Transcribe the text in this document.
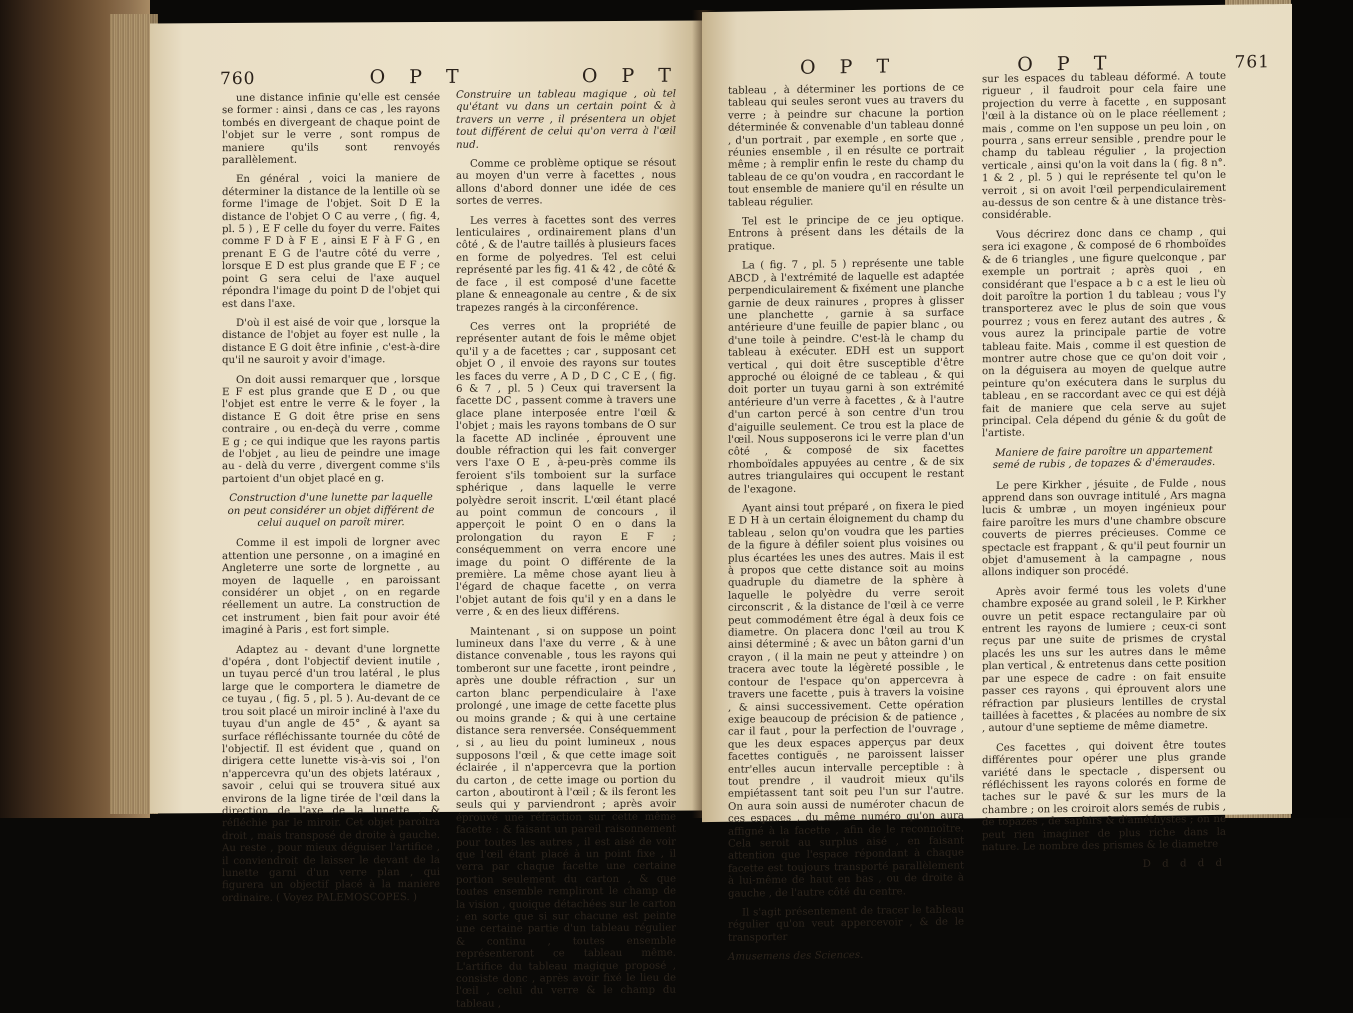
760	O P T	O P T

une distance infinie qu'elle est censée se former : ainsi , dans ce cas , les rayons tombés en divergeant de chaque point de l'objet sur le verre , sont rompus de maniere qu'ils sont renvoyés parallèlement.

En général , voici la maniere de déterminer la distance de la lentille où se forme l'image de l'objet. Soit D E la distance de l'objet O C au verre , ( fig. 4, pl. 5 ) , E F celle du foyer du verre. Faites comme F D à F E , ainsi E F à F G , en prenant E G de l'autre côté du verre , lorsque E D est plus grande que E F ; ce point G sera celui de l'axe auquel répondra l'image du point D de l'objet qui est dans l'axe.

D'où il est aisé de voir que , lorsque la distance de l'objet au foyer est nulle , la distance E G doit être infinie , c'est-à-dire qu'il ne sauroit y avoir d'image.

On doit aussi remarquer que , lorsque E F est plus grande que E D , ou que l'objet est entre le verre & le foyer , la distance E G doit être prise en sens contraire , ou en-deçà du verre , comme E g ; ce qui indique que les rayons partis de l'objet , au lieu de peindre une image au - delà du verre , divergent comme s'ils partoient d'un objet placé en g.

Construction d'une lunette par laquelle on peut considérer un objet différent de celui auquel on paroît mirer.

Comme il est impoli de lorgner avec attention une personne , on a imaginé en Angleterre une sorte de lorgnette , au moyen de laquelle , en paroissant considérer un objet , on en regarde réellement un autre. La construction de cet instrument , bien fait pour avoir été imaginé à Paris , est fort simple.

Adaptez au - devant d'une lorgnette d'opéra , dont l'objectif devient inutile , un tuyau percé d'un trou latéral , le plus large que le comportera le diametre de ce tuyau , ( fig. 5 , pl. 5 ). Au-devant de ce trou soit placé un miroir incliné à l'axe du tuyau d'un angle de 45° , & ayant sa surface réfléchissante tournée du côté de l'objectif. Il est évident que , quand on dirigera cette lunette vis-à-vis soi , l'on n'appercevra qu'un des objets latéraux , savoir , celui qui se trouvera situé aux environs de la ligne tirée de l'œil dans la direction de l'axe de la lunette , & réfléchie par le miroir. Cet objet paroîtra droit , mais transposé de droite à gauche. Au reste , pour mieux déguiser l'artifice , il conviendroit de laisser le devant de la lunette garni d'un verre plan , qui figurera un objectif placé à la maniere ordinaire. ( Voyez PALEMOSCOPES. )

Construire un tableau magique , où tel qu'étant vu dans un certain point & à travers un verre , il présentera un objet tout différent de celui qu'on verra à l'œil nud.

Comme ce problème optique se résout au moyen d'un verre à facettes , nous allons d'abord donner une idée de ces sortes de verres.

Les verres à facettes sont des verres lenticulaires , ordinairement plans d'un côté , & de l'autre taillés à plusieurs faces en forme de polyedres. Tel est celui représenté par les fig. 41 & 42 , de côté & de face , il est composé d'une facette plane & enneagonale au centre , & de six trapezes rangés à la circonférence.

Ces verres ont la propriété de représenter autant de fois le même objet qu'il y a de facettes ; car , supposant cet objet O , il envoie des rayons sur toutes les faces du verre , A D , D C , C E , ( fig. 6 & 7 , pl. 5 ) Ceux qui traversent la facette DC , passent comme à travers une glace plane interposée entre l'œil & l'objet ; mais les rayons tombans de O sur la facette AD inclinée , éprouvent une double réfraction qui les fait converger vers l'axe O E , à-peu-près comme ils feroient s'ils tomboient sur la surface sphérique , dans laquelle le verre polyèdre seroit inscrit. L'œil étant placé au point commun de concours , il apperçoit le point O en o dans la prolongation du rayon E F ; conséquemment on verra encore une image du point O différente de la première. La même chose ayant lieu à l'égard de chaque facette , on verra l'objet autant de fois qu'il y en a dans le verre , & en des lieux différens.

Maintenant , si on suppose un point lumineux dans l'axe du verre , & à une distance convenable , tous les rayons qui tomberont sur une facette , iront peindre , après une double réfraction , sur un carton blanc perpendiculaire à l'axe prolongé , une image de cette facette plus ou moins grande ; & qui à une certaine distance sera renversée. Conséquemment , si , au lieu du point lumineux , nous supposons l'œil , & que cette image soit éclairée , il n'appercevra que la portion du carton , de cette image ou portion du carton , aboutiront à l'œil ; & ils feront les seuls qui y parviendront ; après avoir éprouvé une réfraction sur cette même facette : & faisant un pareil raisonnement pour toutes les autres , il est aisé de voir que l'œil étant placé à un point fixe , il verra par chaque facette une certaine portion seulement du carton , & que toutes ensemble rempliront le champ de la vision , quoique détachées sur le carton ; en sorte que si sur chacune est peinte une certaine partie d'un tableau régulier & continu , toutes ensemble représenteront ce tableau même. L'artifice du tableau magique proposé , consiste donc , après avoir fixé le lieu de l'œil , celui du verre & le champ du tableau ,

O P T	O P T	761

tableau , à déterminer les portions de ce tableau qui seules seront vues au travers du verre ; à peindre sur chacune la portion déterminée & convenable d'un tableau donné , d'un portrait , par exemple , en sorte que , réunies ensemble , il en résulte ce portrait même ; à remplir enfin le reste du champ du tableau de ce qu'on voudra , en raccordant le tout ensemble de maniere qu'il en résulte un tableau régulier.

Tel est le principe de ce jeu optique. Entrons à présent dans les détails de la pratique.

La ( fig. 7 , pl. 5 ) représente une table ABCD , à l'extrémité de laquelle est adaptée perpendiculairement & fixément une planche garnie de deux rainures , propres à glisser une planchette , garnie à sa surface antérieure d'une feuille de papier blanc , ou d'une toile à peindre. C'est-là le champ du tableau à exécuter. EDH est un support vertical , qui doit être susceptible d'être approché ou éloigné de ce tableau , & qui doit porter un tuyau garni à son extrémité antérieure d'un verre à facettes , & à l'autre d'un carton percé à son centre d'un trou d'aiguille seulement. Ce trou est la place de l'œil. Nous supposerons ici le verre plan d'un côté , & composé de six facettes rhomboïdales appuyées au centre , & de six autres triangulaires qui occupent le restant de l'exagone.

Ayant ainsi tout préparé , on fixera le pied E D H à un certain éloignement du champ du tableau , selon qu'on voudra que les parties de la figure à défiler soient plus voisines ou plus écartées les unes des autres. Mais il est à propos que cette distance soit au moins quadruple du diametre de la sphère à laquelle le polyèdre du verre seroit circonscrit , & la distance de l'œil à ce verre peut commodément être égal à deux fois ce diametre. On placera donc l'œil au trou K ainsi déterminé ; & avec un bâton garni d'un crayon , ( il la main ne peut y atteindre ) on tracera avec toute la légèreté possible , le contour de l'espace qu'on appercevra à travers une facette , puis à travers la voisine , & ainsi successivement. Cette opération exige beaucoup de précision & de patience , car il faut , pour la perfection de l'ouvrage , que les deux espaces apperçus par deux facettes contiguës , ne paroissent laisser entr'elles aucun intervalle perceptible : à tout prendre , il vaudroit mieux qu'ils empiétassent tant soit peu l'un sur l'autre. On aura soin aussi de numéroter chacun de ces espaces , du même numéro qu'on aura affigné à la facette , afin de le reconnoître. Cela seroit au surplus aisé , en faisant attention que l'espace répondant à chaque facette est toujours transporté parallèlement à lui-même de haut en bas , ou de droite à gauche , de l'autre côté du centre.

Il s'agit présentement de tracer le tableau régulier qu'on veut appercevoir , & de le transporter

Amusemens des Sciences.

sur les espaces du tableau déformé. A toute rigueur , il faudroit pour cela faire une projection du verre à facette , en supposant l'œil à la distance où on le place réellement ; mais , comme on l'en suppose un peu loin , on pourra , sans erreur sensible , prendre pour le champ du tableau régulier , la projection verticale , ainsi qu'on la voit dans la ( fig. 8 n°. 1 & 2 , pl. 5 ) qui le représente tel qu'on le verroit , si on avoit l'œil perpendiculairement au-dessus de son centre & à une distance très-considérable.

Vous décrirez donc dans ce champ , qui sera ici exagone , & composé de 6 rhomboïdes & de 6 triangles , une figure quelconque , par exemple un portrait ; après quoi , en considérant que l'espace a b c a est le lieu où doit paroître la portion 1 du tableau ; vous l'y transporterez avec le plus de soin que vous pourrez ; vous en ferez autant des autres , & vous aurez la principale partie de votre tableau faite. Mais , comme il est question de montrer autre chose que ce qu'on doit voir , on la déguisera au moyen de quelque autre peinture qu'on exécutera dans le surplus du tableau , en se raccordant avec ce qui est déjà fait de maniere que cela serve au sujet principal. Cela dépend du génie & du goût de l'artiste.

Maniere de faire paroître un appartement semé de rubis , de topazes & d'émeraudes.

Le pere Kirkher , jésuite , de Fulde , nous apprend dans son ouvrage intitulé , Ars magna lucis & umbræ , un moyen ingénieux pour faire paroître les murs d'une chambre obscure couverts de pierres précieuses. Comme ce spectacle est frappant , & qu'il peut fournir un objet d'amusement à la campagne , nous allons indiquer son procédé.

Après avoir fermé tous les volets d'une chambre exposée au grand soleil , le P. Kirkher ouvre un petit espace rectangulaire par où entrent les rayons de lumiere ; ceux-ci sont reçus par une suite de prismes de crystal placés les uns sur les autres dans le même plan vertical , & entretenus dans cette position par une espece de cadre : on fait ensuite passer ces rayons , qui éprouvent alors une réfraction par plusieurs lentilles de crystal taillées à facettes , & placées au nombre de six , autour d'une septieme de même diametre.

Ces facettes , qui doivent être toutes différentes pour opérer une plus grande variété dans le spectacle , dispersent ou réfléchissent les rayons colorés en forme de taches sur le pavé & sur les murs de la chambre ; on les croiroit alors semés de rubis , de topazes , de saphirs & d'améthystes ; on ne peut rien imaginer de plus riche dans la nature. Le nombre des prismes & le diametre

D d d d d
